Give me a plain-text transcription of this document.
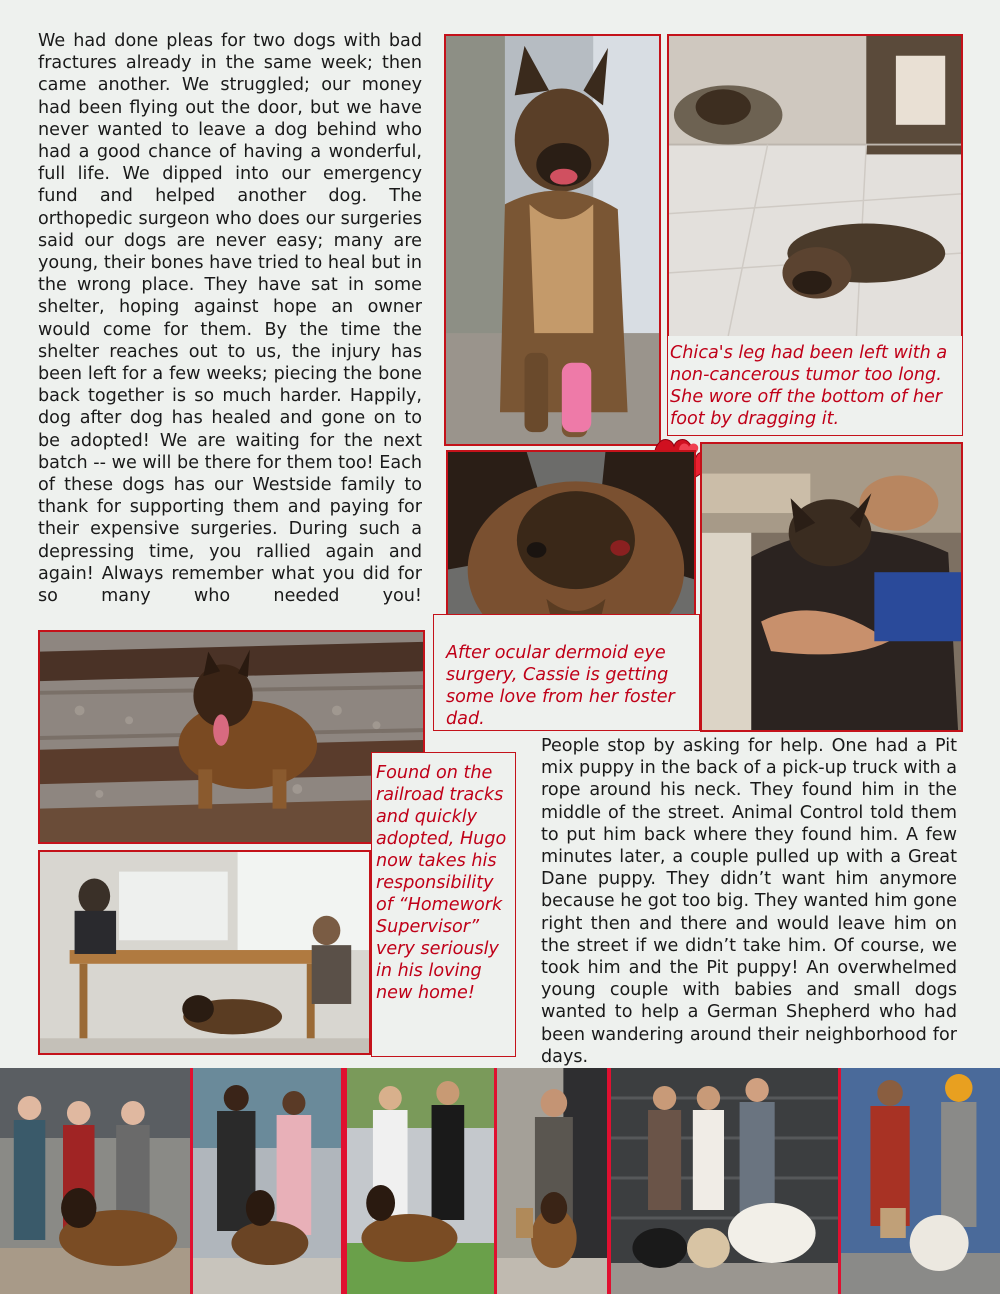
We had done pleas for two dogs with bad fractures already in the same week; then came another. We struggled; our money had been flying out the door, but we have never wanted to leave a dog behind who had a good chance of having a wonderful, full life. We dipped into our emergency fund and helped another dog. The orthopedic surgeon who does our surgeries said our dogs are never easy; many are young, their bones have tried to heal but in the wrong place. They have sat in some shelter, hoping against hope an owner would come for them. By the time the shelter reaches out to us, the injury has been left for a few weeks; piecing the bone back together is so much harder. Happily, dog after dog has healed and gone on to be adopted! We are waiting for the next batch -- we will be there for them too! Each of these dogs has our Westside family to thank for supporting them and paying for their expensive surgeries. During such a depressing time, you rallied again and again! Always remember what you did for so many who needed you!

Chica's leg had been left with a non-cancerous tumor too long. She wore off the bottom of her foot by dragging it.
After ocular dermoid eye surgery, Cassie is getting some love from her foster dad.
Found on the railroad tracks and quickly adopted, Hugo now takes his responsibility of “Homework Supervisor” very seriously in his loving new home!

People stop by asking for help. One had a Pit mix puppy in the back of a pick-up truck with a rope around his neck. They found him in the middle of the street. Animal Control told them to put him back where they found him. A few minutes later, a couple pulled up with a Great Dane puppy. They didn’t want him anymore because he got too big. They wanted him gone right then and there and would leave him on the street if we didn’t take him. Of course, we took him and the Pit puppy! An overwhelmed young couple with babies and small dogs wanted to help a German Shepherd who had been wandering around their neighborhood for days.
